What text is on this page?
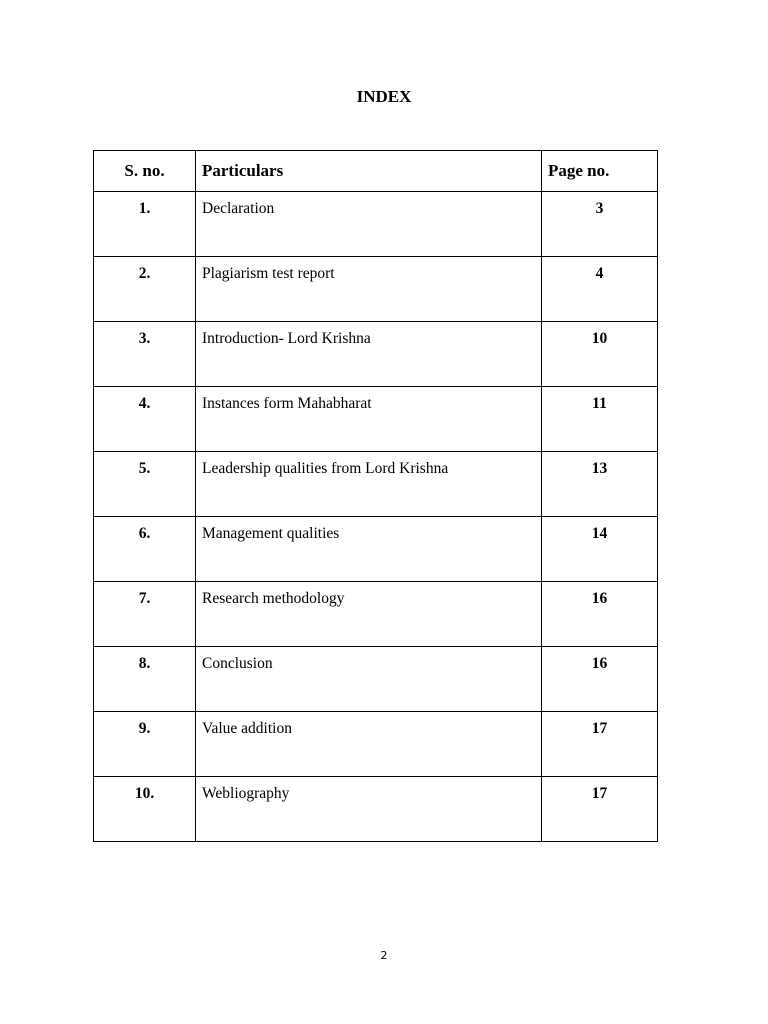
INDEX
S. no.	Particulars	Page no.
1.	Declaration	3
2.	Plagiarism test report	4
3.	Introduction- Lord Krishna	10
4.	Instances form Mahabharat	11
5.	Leadership qualities from Lord Krishna	13
6.	Management qualities	14
7.	Research methodology	16
8.	Conclusion	16
9.	Value addition	17
10.	Webliography	17
2
